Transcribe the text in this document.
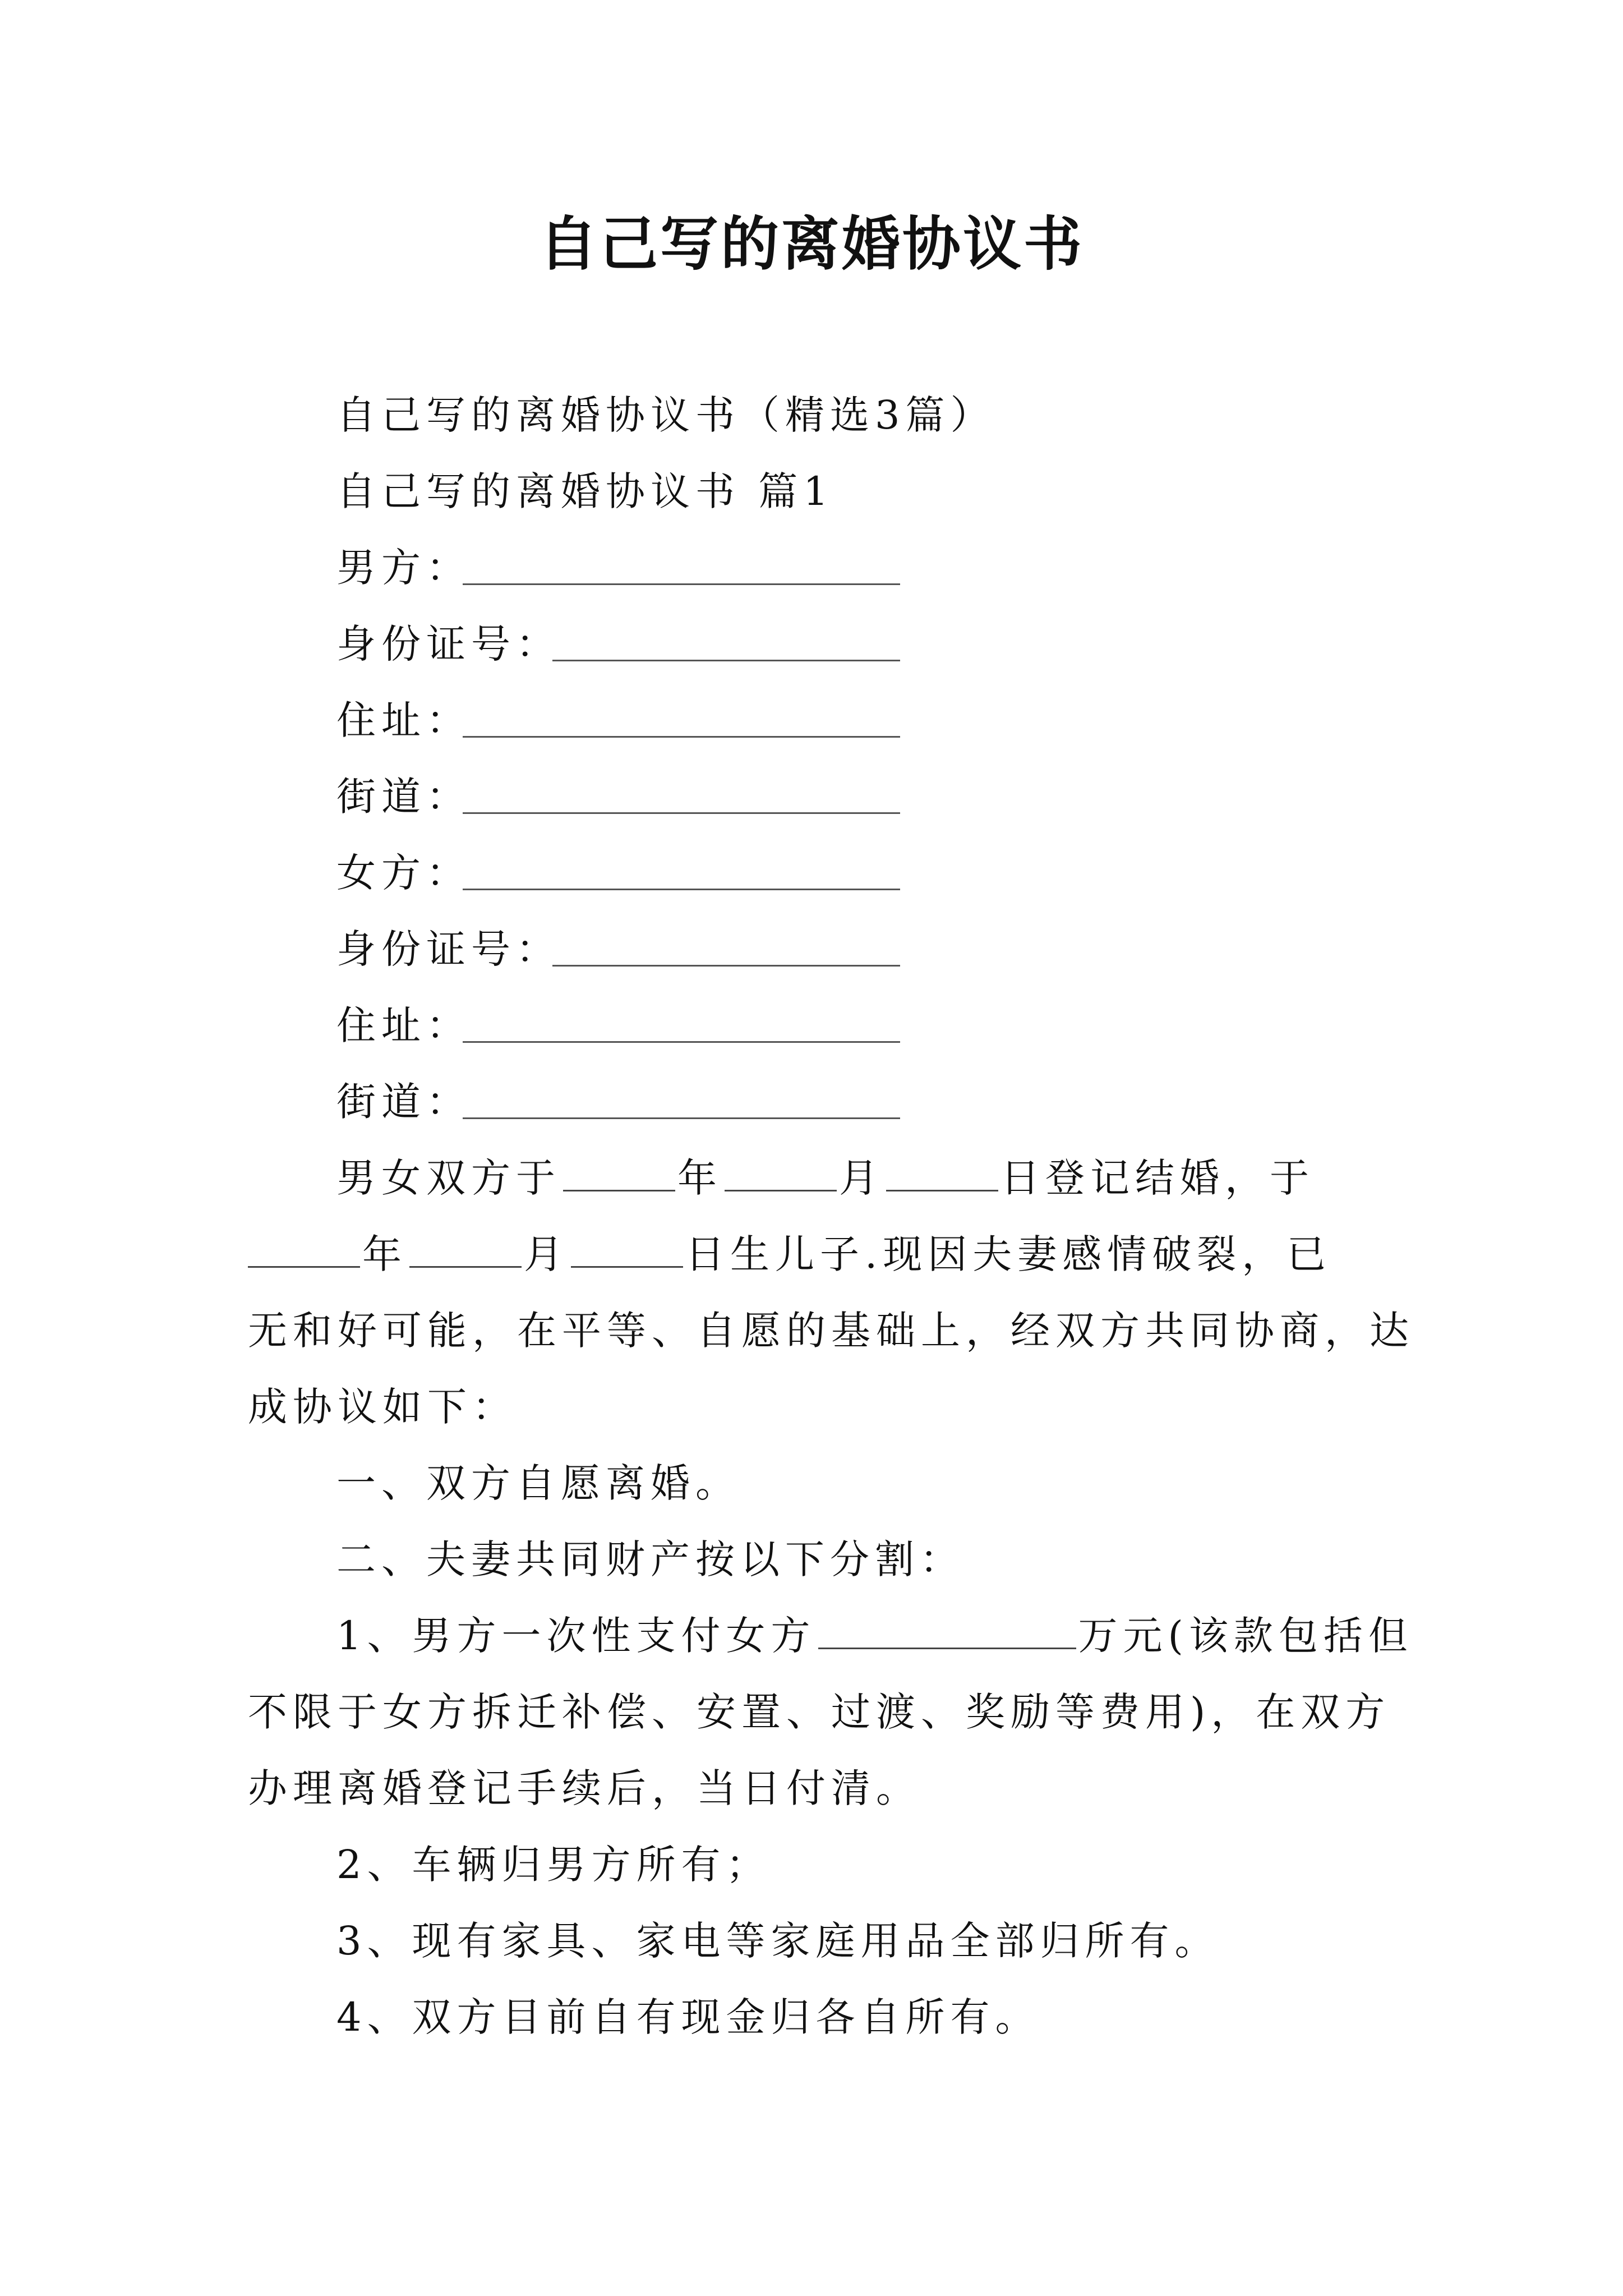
自己写的离婚协议书
自己写的离婚协议书（精选3篇）
自己写的离婚协议书 篇1
男方：
身份证号：
住址：
街道：
女方：
身份证号：
住址：
街道：
男女双方于	年	月	日登记结婚，于
年	月	日生儿子.现因夫妻感情破裂，已
无和好可能，在平等、自愿的基础上，经双方共同协商，达
成协议如下：
一、双方自愿离婚。
二、夫妻共同财产按以下分割：
1、男方一次性支付女方	万元(该款包括但
不限于女方拆迁补偿、安置、过渡、奖励等费用)，在双方
办理离婚登记手续后，当日付清。
2、车辆归男方所有；
3、现有家具、家电等家庭用品全部归所有。
4、双方目前自有现金归各自所有。
